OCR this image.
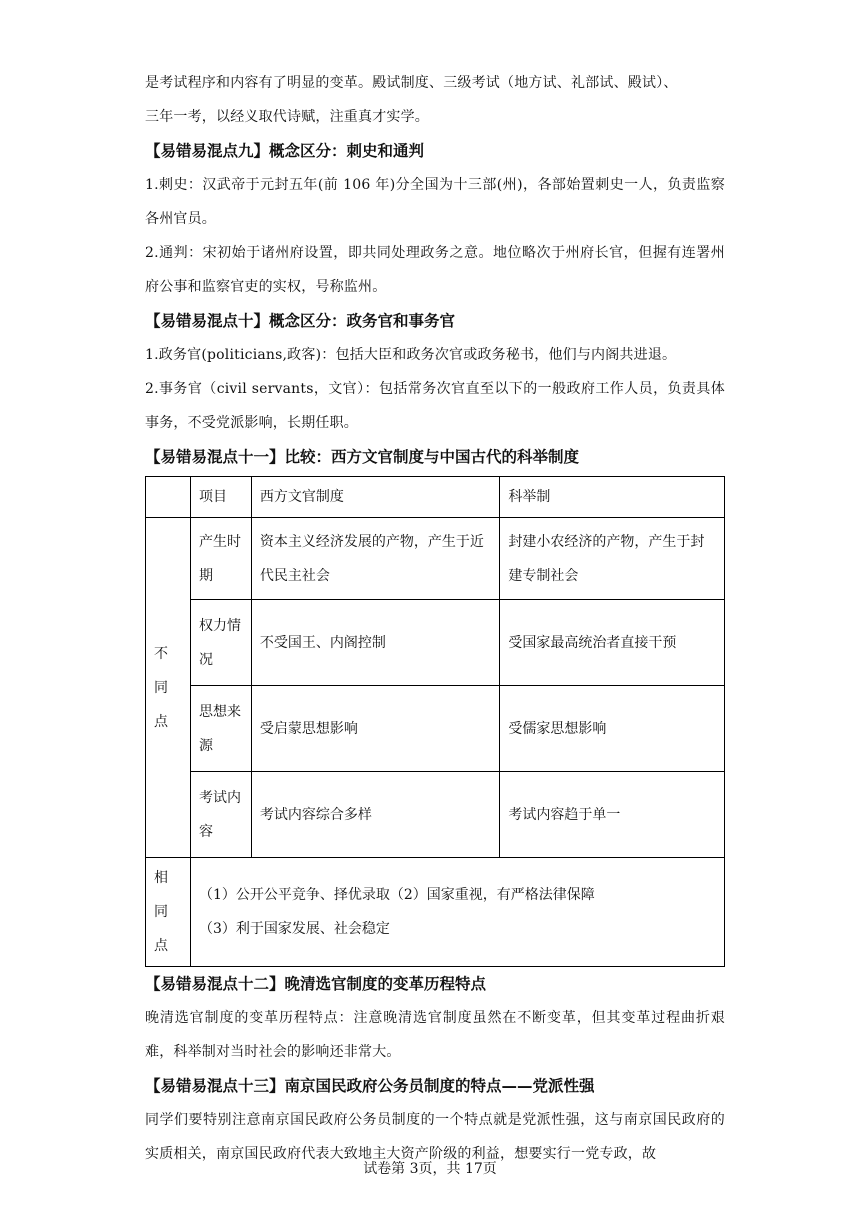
是考试程序和内容有了明显的变革。殿试制度、三级考试（地方试、礼部试、殿试）、

三年一考，以经义取代诗赋，注重真才实学。

【易错易混点九】概念区分：刺史和通判

1.刺史：汉武帝于元封五年(前 106 年)分全国为十三部(州)，各部始置刺史一人，负责监察各州官员。

2.通判：宋初始于诸州府设置，即共同处理政务之意。地位略次于州府长官，但握有连署州府公事和监察官吏的实权，号称监州。

【易错易混点十】概念区分：政务官和事务官

1.政务官(politicians,政客)：包括大臣和政务次官或政务秘书，他们与内阁共进退。

2.事务官（civil servants，文官）：包括常务次官直至以下的一般政府工作人员，负责具体事务，不受党派影响，长期任职。

【易错易混点十一】比较：西方文官制度与中国古代的科举制度

	项目	西方文官制度	科举制
不同点	产生时期	资本主义经济发展的产物，产生于近代民主社会	封建小农经济的产物，产生于封建专制社会
	权力情况	不受国王、内阁控制	受国家最高统治者直接干预
	思想来源	受启蒙思想影响	受儒家思想影响
	考试内容	考试内容综合多样	考试内容趋于单一
相同点	（1）公开公平竞争、择优录取（2）国家重视，有严格法律保障
（3）利于国家发展、社会稳定		

【易错易混点十二】晚清选官制度的变革历程特点

晚清选官制度的变革历程特点：注意晚清选官制度虽然在不断变革，但其变革过程曲折艰难，科举制对当时社会的影响还非常大。

【易错易混点十三】南京国民政府公务员制度的特点——党派性强

同学们要特别注意南京国民政府公务员制度的一个特点就是党派性强，这与南京国民政府的实质相关，南京国民政府代表大致地主大资产阶级的利益，想要实行一党专政，故

试卷第 3页，共 17页
